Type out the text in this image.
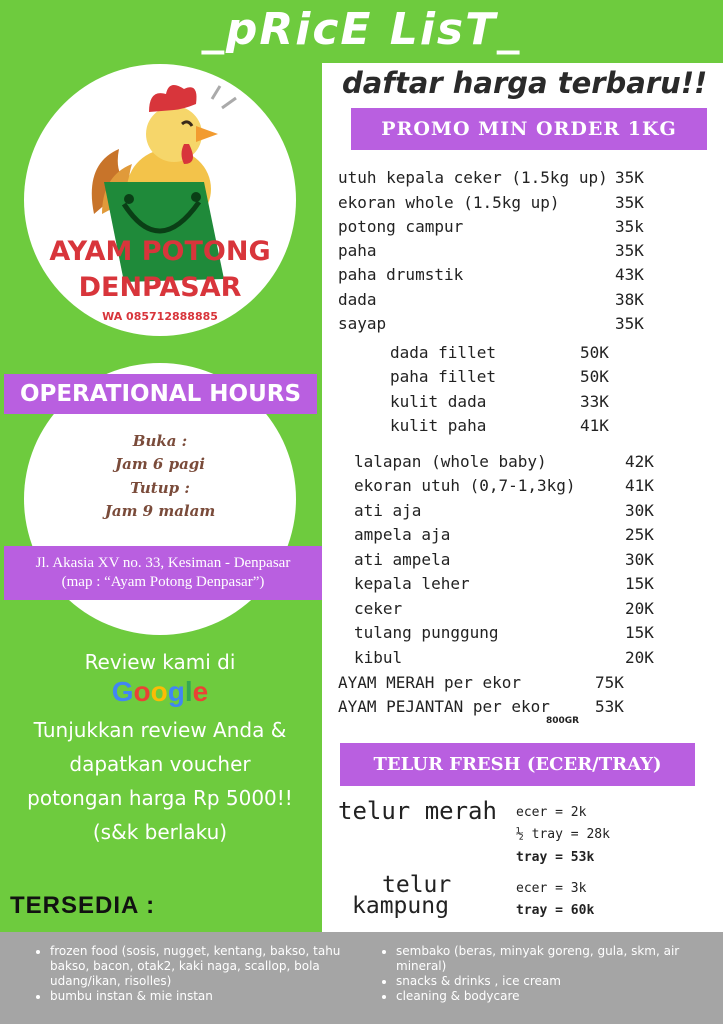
_pRicE LisT_
AYAM POTONG
DENPASAR
WA 085712888885
OPERATIONAL HOURS
Buka :
Jam 6 pagi
Tutup :
Jam 9 malam
Jl. Akasia XV no. 33, Kesiman - Denpasar
(map : “Ayam Potong Denpasar”)
Review kami di
Tunjukkan review Anda &
dapatkan voucher
potongan harga Rp 5000!!
(s&k berlaku)
Google
TERSEDIA :
daftar harga terbaru!!
PROMO MIN ORDER 1KG
utuh kepala ceker (1.5kg up) 35K
ekoran whole (1.5kg up)	35K
potong campur	35k
paha	35K
paha drumstik	43K
dada	38K
sayap	35K
dada fillet	50K
paha fillet	50K
kulit dada	33K
kulit paha	41K
lalapan (whole baby)	42K
ekoran utuh (0,7-1,3kg)	41K
ati aja	30K
ampela aja	25K
ati ampela	30K
kepala leher	15K
ceker	20K
tulang punggung	15K
kibul	20K
AYAM MERAH per ekor	75K
AYAM PEJANTAN per ekor	53K
800GR
TELUR FRESH (ECER/TRAY)
telur merah ecer = 2k
½ tray = 28k
tray = 53k
telur
kampung
ecer = 3k
tray = 60k
• frozen food (sosis, nugget, kentang, bakso, tahu bakso, bacon, otak2, kaki naga, scallop, bola udang/ikan, risolles)
• bumbu instan & mie instan
• sembako (beras, minyak goreng, gula, skm, air mineral)
• snacks & drinks , ice cream
• cleaning & bodycare
